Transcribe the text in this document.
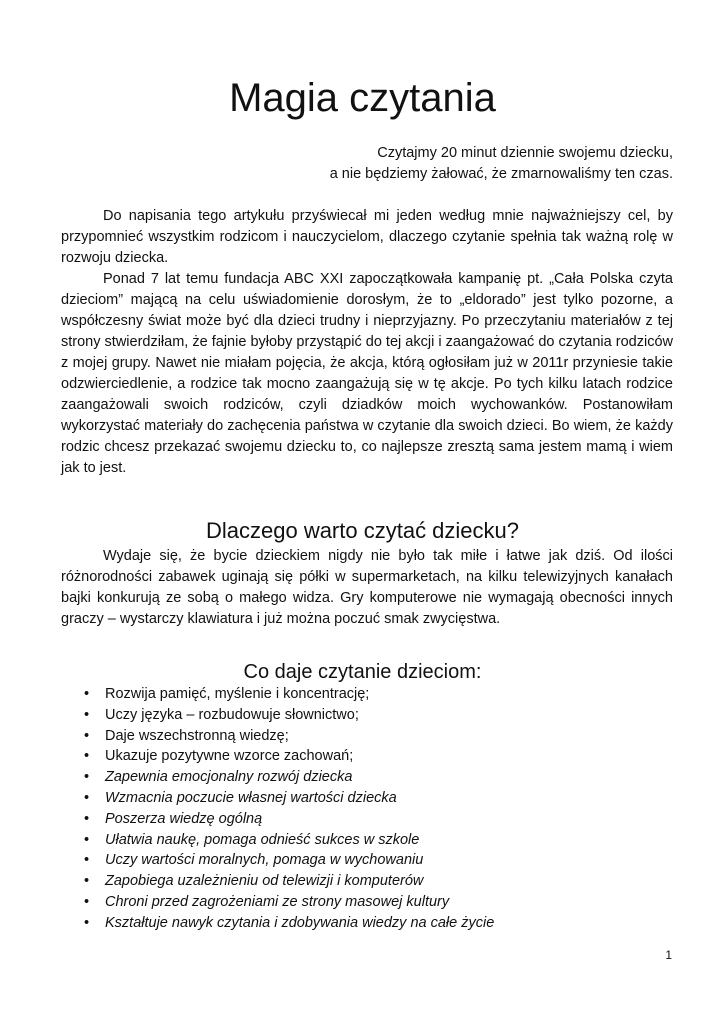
Magia czytania
Czytajmy 20 minut dziennie swojemu dziecku,
a nie będziemy żałować, że zmarnowaliśmy ten czas.

Do napisania tego artykułu przyświecał mi jeden według mnie najważniejszy cel, by przypomnieć wszystkim rodzicom i nauczycielom, dlaczego czytanie spełnia tak ważną rolę w rozwoju dziecka.

Ponad 7 lat temu fundacja ABC XXI zapoczątkowała kampanię pt. „Cała Polska czyta dzieciom” mającą na celu uświadomienie dorosłym, że to „eldorado” jest tylko pozorne, a współczesny świat może być dla dzieci trudny i nieprzyjazny. Po przeczytaniu materiałów z tej strony stwierdziłam, że fajnie byłoby przystąpić do tej akcji i zaangażować do czytania rodziców z mojej grupy. Nawet nie miałam pojęcia, że akcja, którą ogłosiłam już w 2011r przyniesie takie odzwierciedlenie, a rodzice tak mocno zaangażują się w tę akcje. Po tych kilku latach rodzice zaangażowali swoich rodziców, czyli dziadków moich wychowanków. Postanowiłam wykorzystać materiały do zachęcenia państwa w czytanie dla swoich dzieci. Bo wiem, że każdy rodzic chcesz przekazać swojemu dziecku to, co najlepsze zresztą sama jestem mamą i wiem jak to jest.

Dlaczego warto czytać dziecku?

Wydaje się, że bycie dzieckiem nigdy nie było tak miłe i łatwe jak dziś. Od ilości różnorodności zabawek uginają się półki w supermarketach, na kilku telewizyjnych kanałach bajki konkurują ze sobą o małego widza. Gry komputerowe nie wymagają obecności innych graczy – wystarczy klawiatura i już można poczuć smak zwycięstwa.

Co daje czytanie dzieciom:
• Rozwija pamięć, myślenie i koncentrację;
• Uczy języka – rozbudowuje słownictwo;
• Daje wszechstronną wiedzę;
• Ukazuje pozytywne wzorce zachowań;
• Zapewnia emocjonalny rozwój dziecka
• Wzmacnia poczucie własnej wartości dziecka
• Poszerza wiedzę ogólną
• Ułatwia naukę, pomaga odnieść sukces w szkole
• Uczy wartości moralnych, pomaga w wychowaniu
• Zapobiega uzależnieniu od telewizji i komputerów
• Chroni przed zagrożeniami ze strony masowej kultury
• Kształtuje nawyk czytania i zdobywania wiedzy na całe życie
1
